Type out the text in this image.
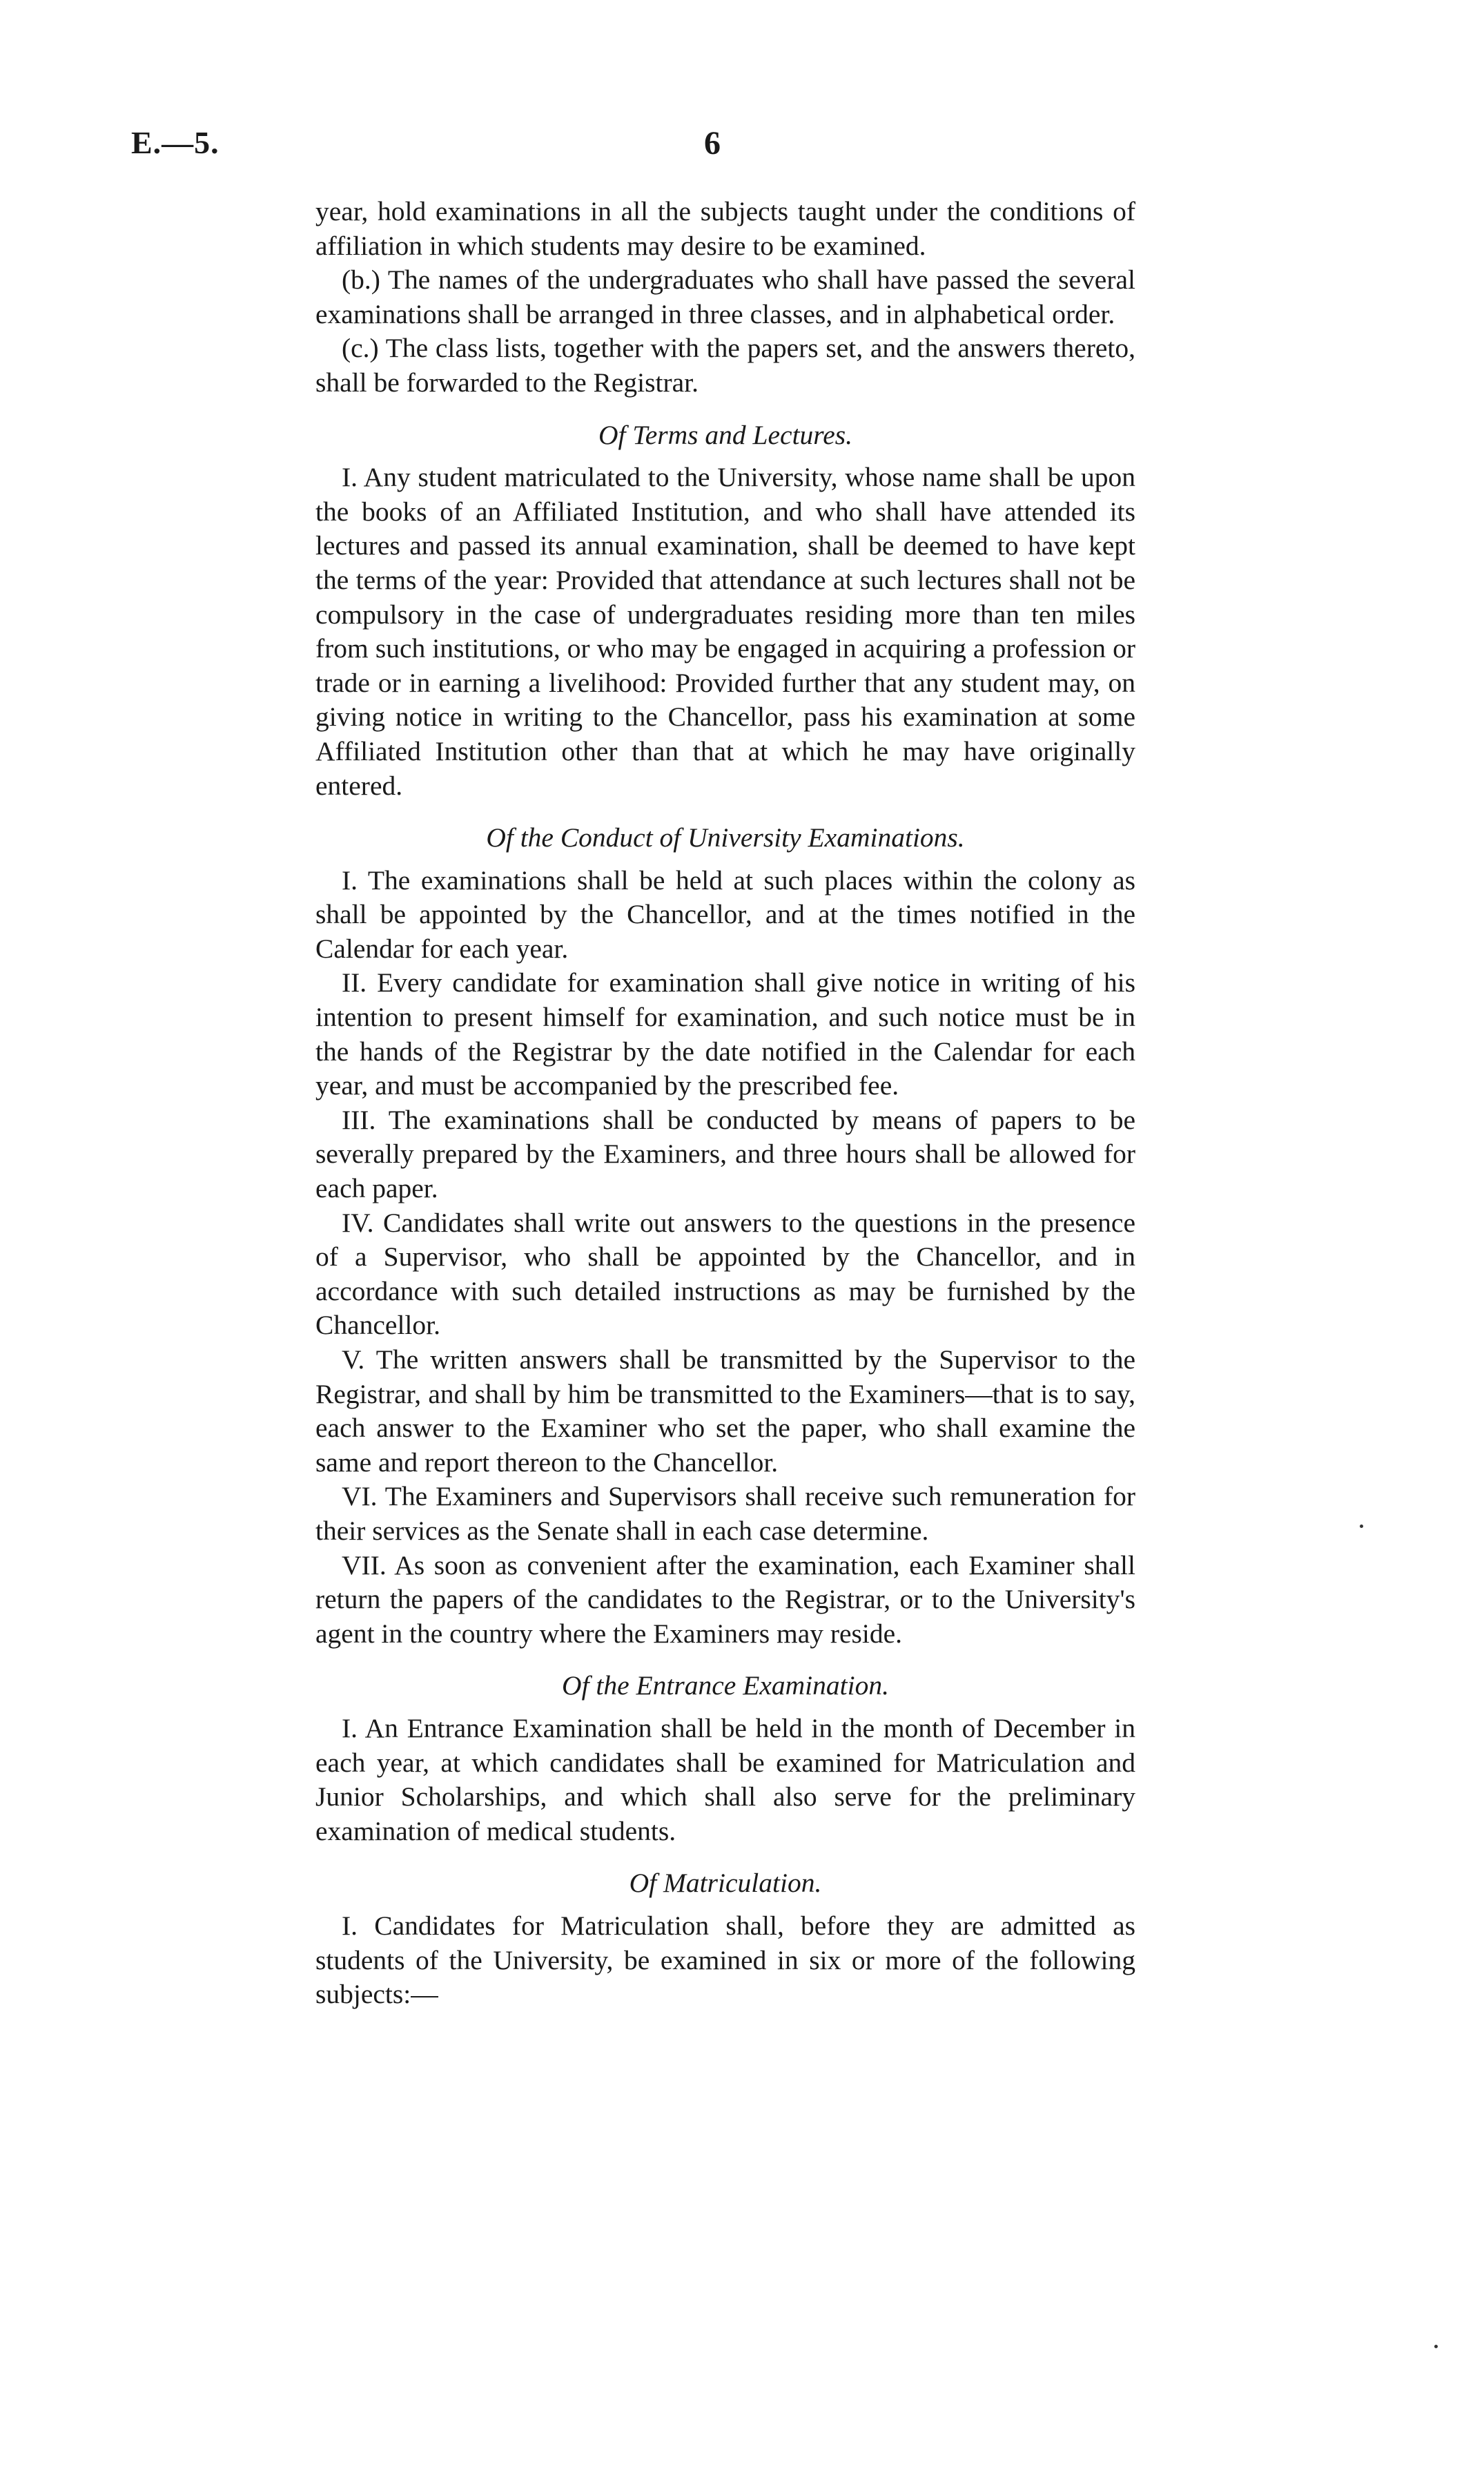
E.—5.	6

year, hold examinations in all the subjects taught under the conditions of affiliation in which students may desire to be examined.

(b.) The names of the undergraduates who shall have passed the several examinations shall be arranged in three classes, and in alphabetical order.

(c.) The class lists, together with the papers set, and the answers thereto, shall be forwarded to the Registrar.

Of Terms and Lectures.

I. Any student matriculated to the University, whose name shall be upon the books of an Affiliated Institution, and who shall have attended its lectures and passed its annual examination, shall be deemed to have kept the terms of the year: Provided that attendance at such lectures shall not be compulsory in the case of undergraduates residing more than ten miles from such institutions, or who may be engaged in acquiring a profession or trade or in earning a livelihood: Provided further that any student may, on giving notice in writing to the Chancellor, pass his examination at some Affiliated Institution other than that at which he may have originally entered.

Of the Conduct of University Examinations.

I. The examinations shall be held at such places within the colony as shall be appointed by the Chancellor, and at the times notified in the Calendar for each year.

II. Every candidate for examination shall give notice in writing of his intention to present himself for examination, and such notice must be in the hands of the Registrar by the date notified in the Calendar for each year, and must be accompanied by the prescribed fee.

III. The examinations shall be conducted by means of papers to be severally prepared by the Examiners, and three hours shall be allowed for each paper.

IV. Candidates shall write out answers to the questions in the presence of a Supervisor, who shall be appointed by the Chancellor, and in accordance with such detailed instructions as may be furnished by the Chancellor.

V. The written answers shall be transmitted by the Supervisor to the Registrar, and shall by him be transmitted to the Examiners—that is to say, each answer to the Examiner who set the paper, who shall examine the same and report thereon to the Chancellor.

VI. The Examiners and Supervisors shall receive such remuneration for their services as the Senate shall in each case determine.

VII. As soon as convenient after the examination, each Examiner shall return the papers of the candidates to the Registrar, or to the University's agent in the country where the Examiners may reside.

Of the Entrance Examination.

I. An Entrance Examination shall be held in the month of December in each year, at which candidates shall be examined for Matriculation and Junior Scholarships, and which shall also serve for the preliminary examination of medical students.

Of Matriculation.

I. Candidates for Matriculation shall, before they are admitted as students of the University, be examined in six or more of the following subjects:—
